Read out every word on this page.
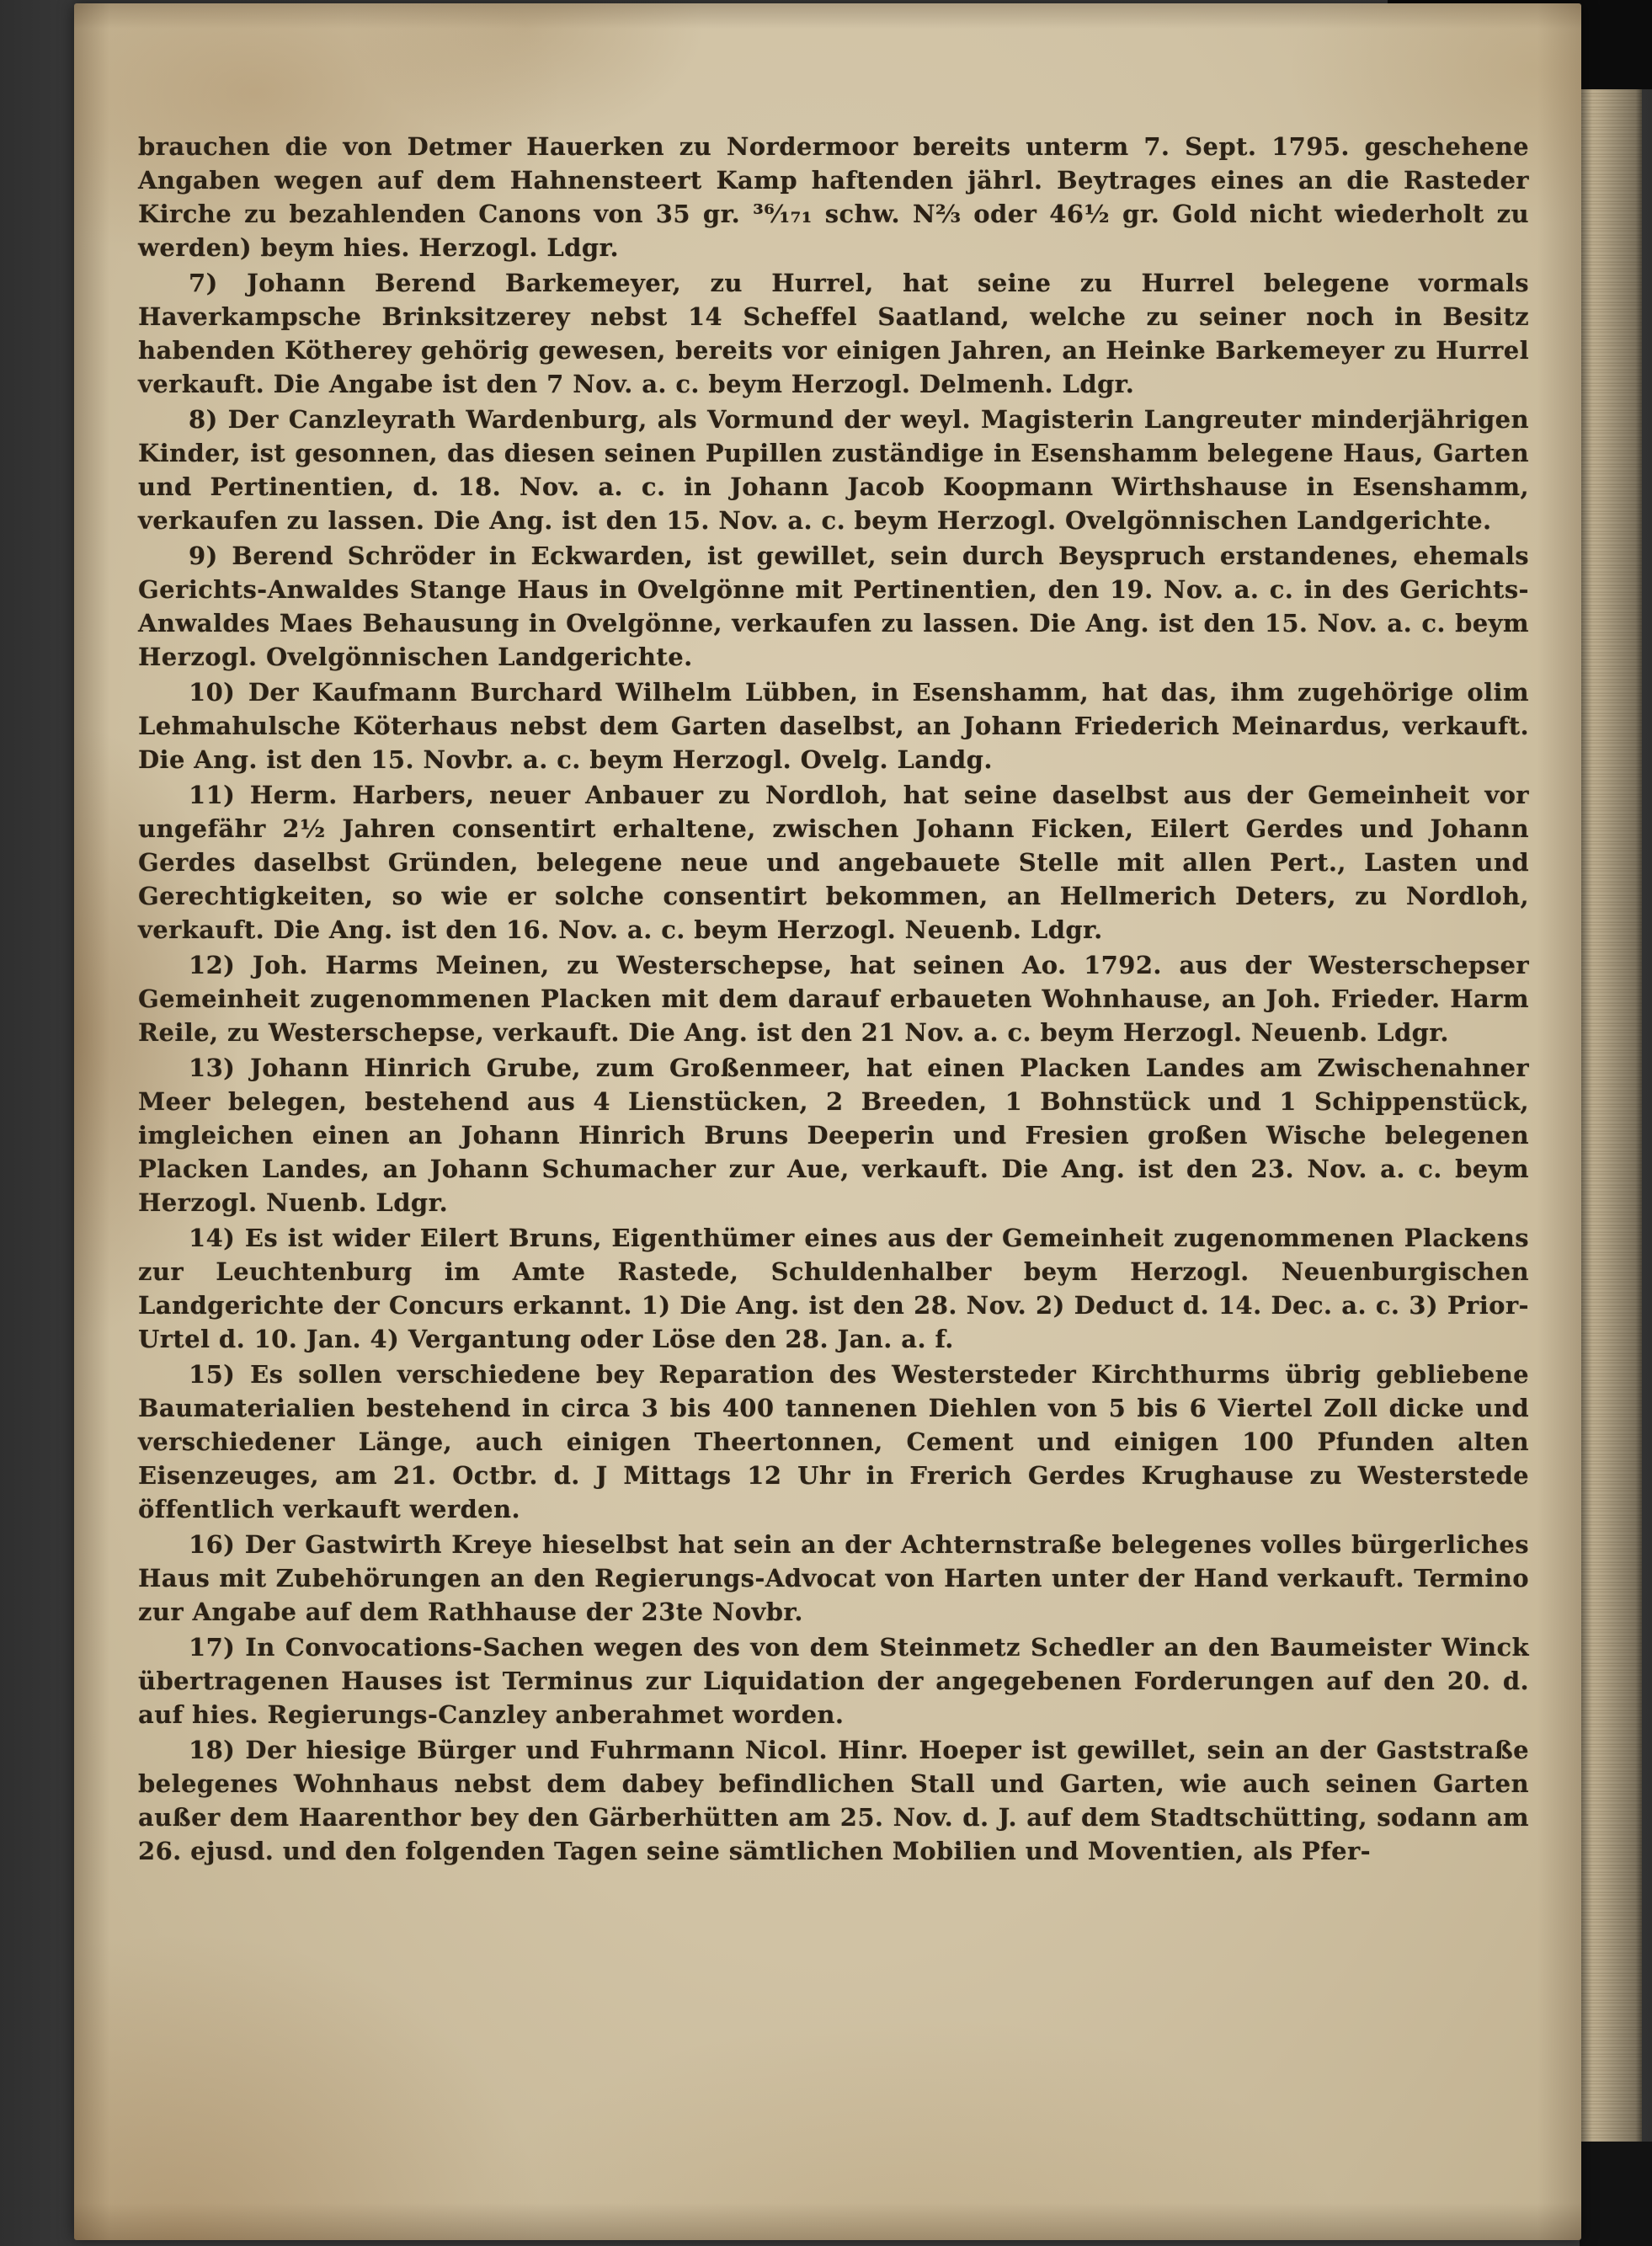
brauchen die von Detmer Hauerken zu Nordermoor bereits unterm 7. Sept. 1795. geschehene Angaben wegen auf dem Hahnensteert Kamp haftenden jährl. Beytrages eines an die Rasteder Kirche zu bezahlenden Canons von 35 gr. ³⁶⁄₁₇₁ schw. N⅔ oder 46½ gr. Gold nicht wiederholt zu werden) beym hies. Herzogl. Ldgr.

7) Johann Berend Barkemeyer, zu Hurrel, hat seine zu Hurrel belegene vormals Haverkampsche Brinksitzerey nebst 14 Scheffel Saatland, welche zu seiner noch in Besitz habenden Kötherey gehörig gewesen, bereits vor einigen Jahren, an Heinke Barkemeyer zu Hurrel verkauft. Die Angabe ist den 7 Nov. a. c. beym Herzogl. Delmenh. Ldgr.

8) Der Canzleyrath Wardenburg, als Vormund der weyl. Magisterin Langreuter minderjährigen Kinder, ist gesonnen, das diesen seinen Pupillen zuständige in Esenshamm belegene Haus, Garten und Pertinentien, d. 18. Nov. a. c. in Johann Jacob Koopmann Wirthshause in Esenshamm, verkaufen zu lassen. Die Ang. ist den 15. Nov. a. c. beym Herzogl. Ovelgönnischen Landgerichte.

9) Berend Schröder in Eckwarden, ist gewillet, sein durch Beyspruch erstandenes, ehemals Gerichts-Anwaldes Stange Haus in Ovelgönne mit Pertinentien, den 19. Nov. a. c. in des Gerichts-Anwaldes Maes Behausung in Ovelgönne, verkaufen zu lassen. Die Ang. ist den 15. Nov. a. c. beym Herzogl. Ovelgönnischen Landgerichte.

10) Der Kaufmann Burchard Wilhelm Lübben, in Esenshamm, hat das, ihm zugehörige olim Lehmahulsche Köterhaus nebst dem Garten daselbst, an Johann Friederich Meinardus, verkauft. Die Ang. ist den 15. Novbr. a. c. beym Herzogl. Ovelg. Landg.

11) Herm. Harbers, neuer Anbauer zu Nordloh, hat seine daselbst aus der Gemeinheit vor ungefähr 2½ Jahren consentirt erhaltene, zwischen Johann Ficken, Eilert Gerdes und Johann Gerdes daselbst Gründen, belegene neue und angebauete Stelle mit allen Pert., Lasten und Gerechtigkeiten, so wie er solche consentirt bekommen, an Hellmerich Deters, zu Nordloh, verkauft. Die Ang. ist den 16. Nov. a. c. beym Herzogl. Neuenb. Ldgr.

12) Joh. Harms Meinen, zu Westerschepse, hat seinen Ao. 1792. aus der Westerschepser Gemeinheit zugenommenen Placken mit dem darauf erbaueten Wohnhause, an Joh. Frieder. Harm Reile, zu Westerschepse, verkauft. Die Ang. ist den 21 Nov. a. c. beym Herzogl. Neuenb. Ldgr.

13) Johann Hinrich Grube, zum Großenmeer, hat einen Placken Landes am Zwischenahner Meer belegen, bestehend aus 4 Lienstücken, 2 Breeden, 1 Bohnstück und 1 Schippenstück, imgleichen einen an Johann Hinrich Bruns Deeperin und Fresien großen Wische belegenen Placken Landes, an Johann Schumacher zur Aue, verkauft. Die Ang. ist den 23. Nov. a. c. beym Herzogl. Nuenb. Ldgr.

14) Es ist wider Eilert Bruns, Eigenthümer eines aus der Gemeinheit zugenommenen Plackens zur Leuchtenburg im Amte Rastede, Schuldenhalber beym Herzogl. Neuenburgischen Landgerichte der Concurs erkannt. 1) Die Ang. ist den 28. Nov. 2) Deduct d. 14. Dec. a. c. 3) Prior-Urtel d. 10. Jan. 4) Vergantung oder Löse den 28. Jan. a. f.

15) Es sollen verschiedene bey Reparation des Westersteder Kirchthurms übrig gebliebene Baumaterialien bestehend in circa 3 bis 400 tannenen Diehlen von 5 bis 6 Viertel Zoll dicke und verschiedener Länge, auch einigen Theertonnen, Cement und einigen 100 Pfunden alten Eisenzeuges, am 21. Octbr. d. J Mittags 12 Uhr in Frerich Gerdes Krughause zu Westerstede öffentlich verkauft werden.

16) Der Gastwirth Kreye hieselbst hat sein an der Achternstraße belegenes volles bürgerliches Haus mit Zubehörungen an den Regierungs-Advocat von Harten unter der Hand verkauft. Termino zur Angabe auf dem Rathhause der 23te Novbr.

17) In Convocations-Sachen wegen des von dem Steinmetz Schedler an den Baumeister Winck übertragenen Hauses ist Terminus zur Liquidation der angegebenen Forderungen auf den 20. d. auf hies. Regierungs-Canzley anberahmet worden.

18) Der hiesige Bürger und Fuhrmann Nicol. Hinr. Hoeper ist gewillet, sein an der Gaststraße belegenes Wohnhaus nebst dem dabey befindlichen Stall und Garten, wie auch seinen Garten außer dem Haarenthor bey den Gärberhütten am 25. Nov. d. J. auf dem Stadtschütting, sodann am 26. ejusd. und den folgenden Tagen seine sämtlichen Mobilien und Moventien, als Pfer-
